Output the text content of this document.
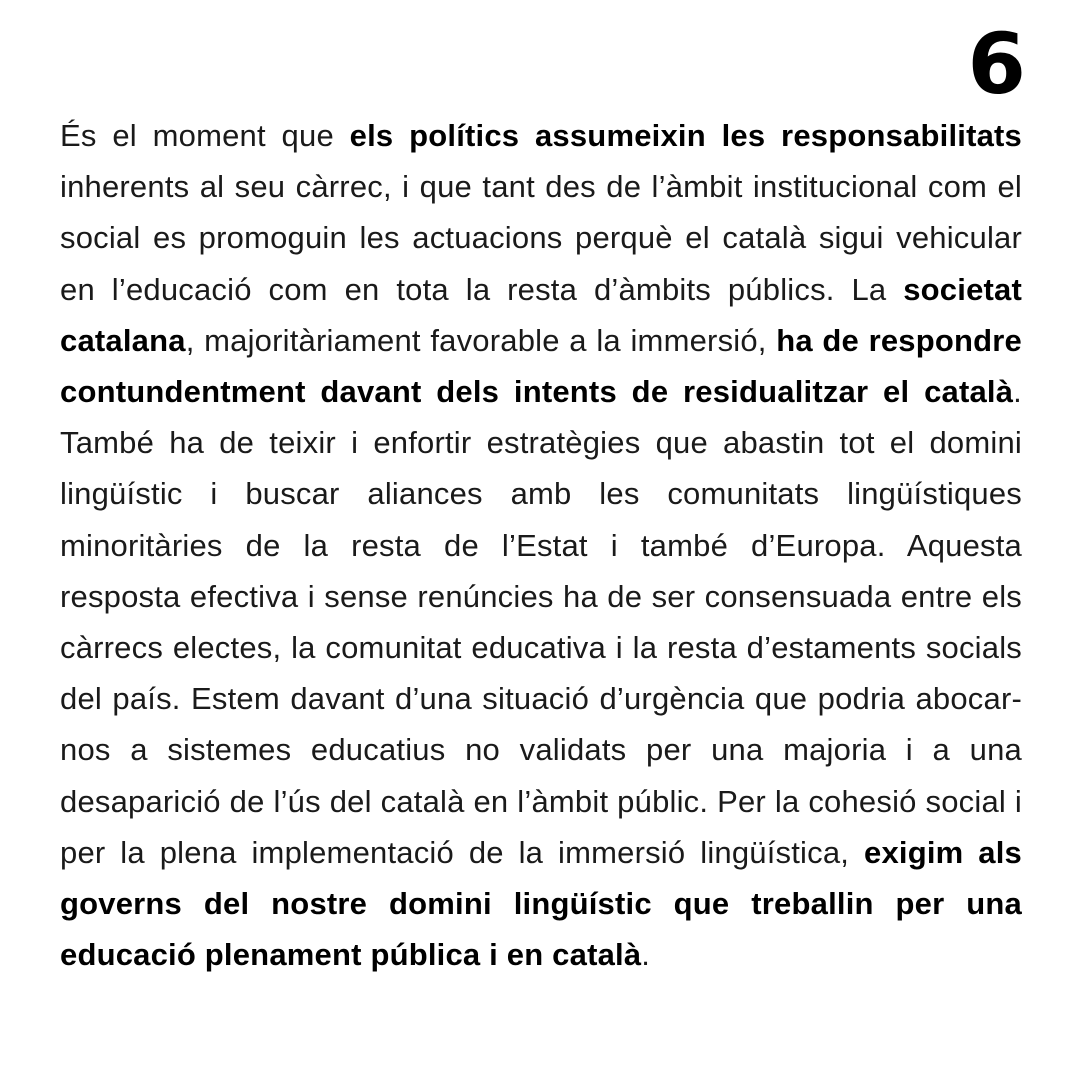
6

És el moment que els polítics assumeixin les responsabilitats inherents al seu càrrec, i que tant des de l’àmbit institucional com el social es promoguin les actuacions perquè el català sigui vehicular en l’educació com en tota la resta d’àmbits públics. La societat catalana, majoritàriament favorable a la immersió, ha de respondre contundentment davant dels intents de residualitzar el català. També ha de teixir i enfortir estratègies que abastin tot el domini lingüístic i buscar aliances amb les comunitats lingüístiques minoritàries de la resta de l’Estat i també d’Europa. Aquesta resposta efectiva i sense renúncies ha de ser consensuada entre els càrrecs electes, la comunitat educativa i la resta d’estaments socials del país. Estem davant d’una situació d’urgència que podria abocar-nos a sistemes educatius no validats per una majoria i a una desaparició de l’ús del català en l’àmbit públic. Per la cohesió social i per la plena implementació de la immersió lingüística, exigim als governs del nostre domini lingüístic que treballin per una educació plenament pública i en català.
